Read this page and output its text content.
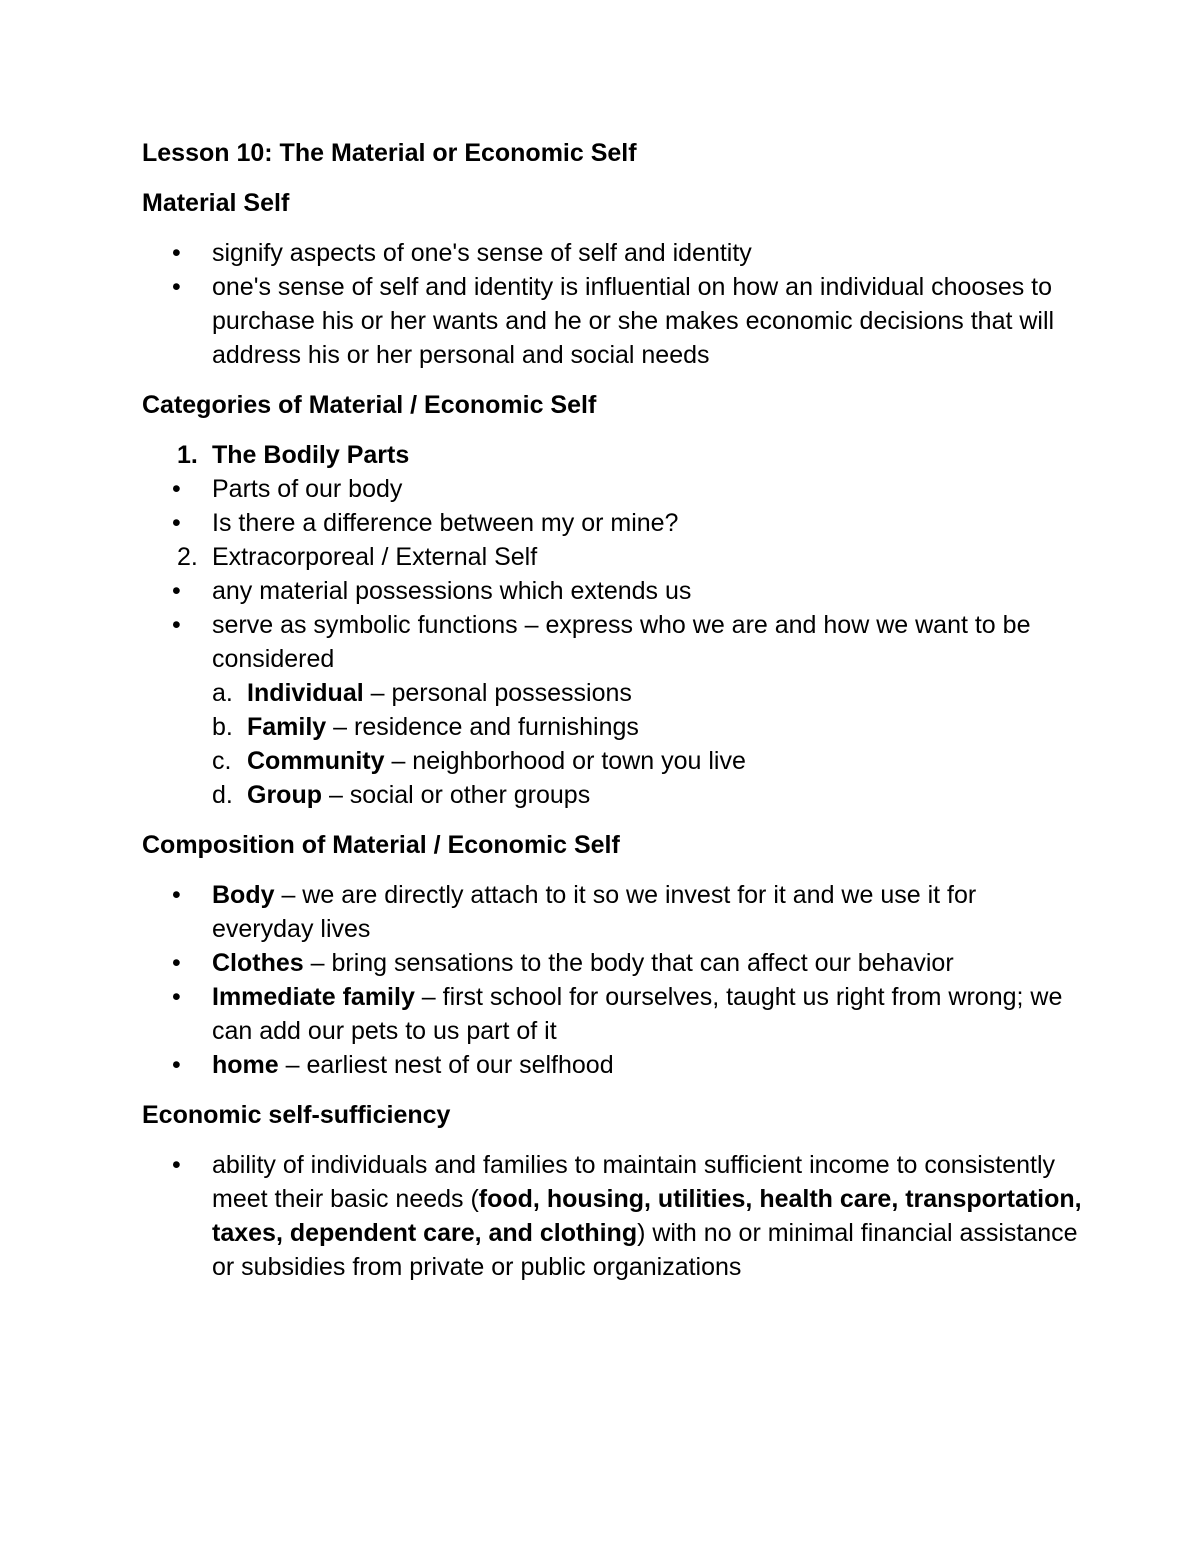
Lesson 10: The Material or Economic Self
Material Self
• signify aspects of one's sense of self and identity
• one's sense of self and identity is influential on how an individual chooses to purchase his or her wants and he or she makes economic decisions that will address his or her personal and social needs
Categories of Material / Economic Self
1. The Bodily Parts
• Parts of our body
• Is there a difference between my or mine?
2. Extracorporeal / External Self
• any material possessions which extends us
• serve as symbolic functions – express who we are and how we want to be considered
a. Individual – personal possessions
b. Family – residence and furnishings
c. Community – neighborhood or town you live
d. Group – social or other groups
Composition of Material / Economic Self
• Body – we are directly attach to it so we invest for it and we use it for everyday lives
• Clothes – bring sensations to the body that can affect our behavior
• Immediate family – first school for ourselves, taught us right from wrong; we can add our pets to us part of it
• home – earliest nest of our selfhood
Economic self-sufficiency
• ability of individuals and families to maintain sufficient income to consistently meet their basic needs (food, housing, utilities, health care, transportation, taxes, dependent care, and clothing) with no or minimal financial assistance or subsidies from private or public organizations
